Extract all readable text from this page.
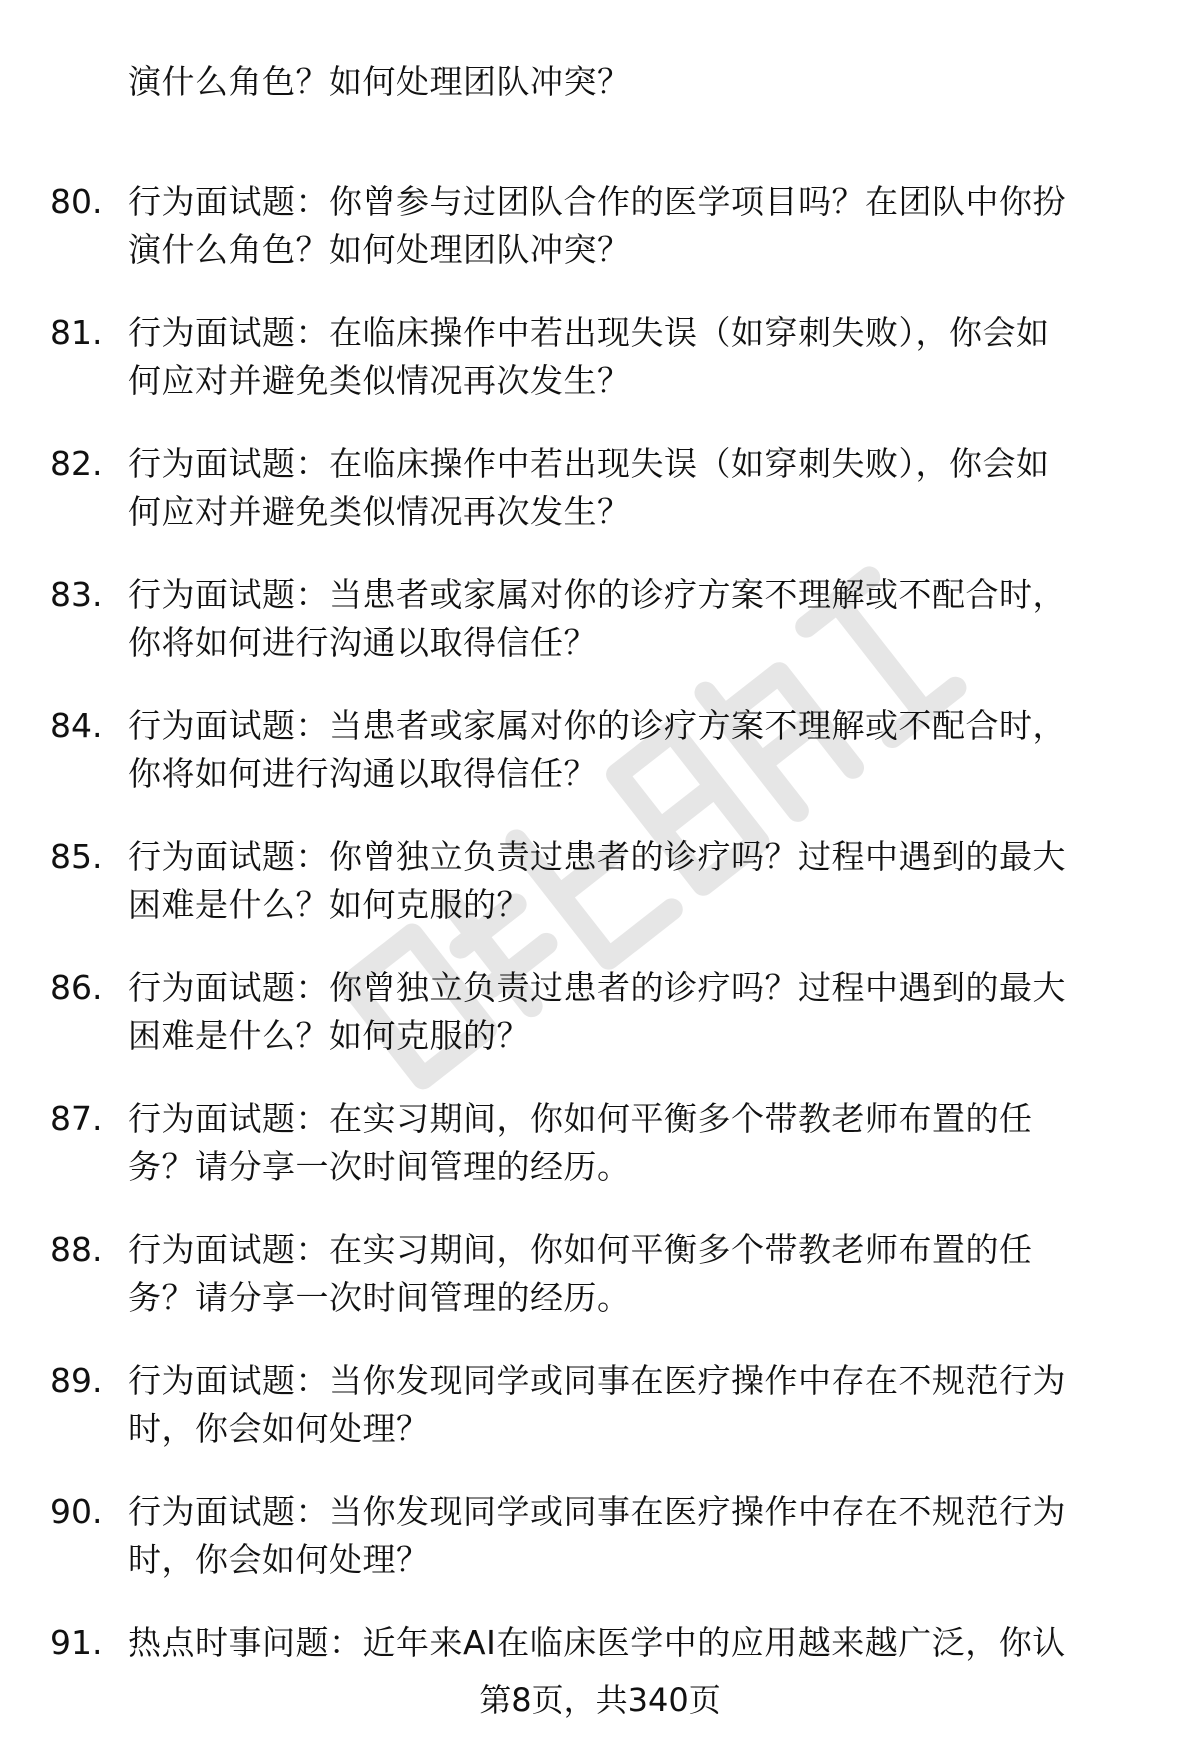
演什么角色？如何处理团队冲突？
80. 行为面试题：你曾参与过团队合作的医学项目吗？在团队中你扮
演什么角色？如何处理团队冲突？
81. 行为面试题：在临床操作中若出现失误（如穿刺失败），你会如
何应对并避免类似情况再次发生？
82. 行为面试题：在临床操作中若出现失误（如穿刺失败），你会如
何应对并避免类似情况再次发生？
83. 行为面试题：当患者或家属对你的诊疗方案不理解或不配合时，
你将如何进行沟通以取得信任？
84. 行为面试题：当患者或家属对你的诊疗方案不理解或不配合时，
你将如何进行沟通以取得信任？
85. 行为面试题：你曾独立负责过患者的诊疗吗？过程中遇到的最大
困难是什么？如何克服的？
86. 行为面试题：你曾独立负责过患者的诊疗吗？过程中遇到的最大
困难是什么？如何克服的？
87. 行为面试题：在实习期间，你如何平衡多个带教老师布置的任
务？请分享一次时间管理的经历。
88. 行为面试题：在实习期间，你如何平衡多个带教老师布置的任
务？请分享一次时间管理的经历。
89. 行为面试题：当你发现同学或同事在医疗操作中存在不规范行为
时，你会如何处理？
90. 行为面试题：当你发现同学或同事在医疗操作中存在不规范行为
时，你会如何处理？
91. 热点时事问题：近年来AI在临床医学中的应用越来越广泛，你认
第8页，共340页
